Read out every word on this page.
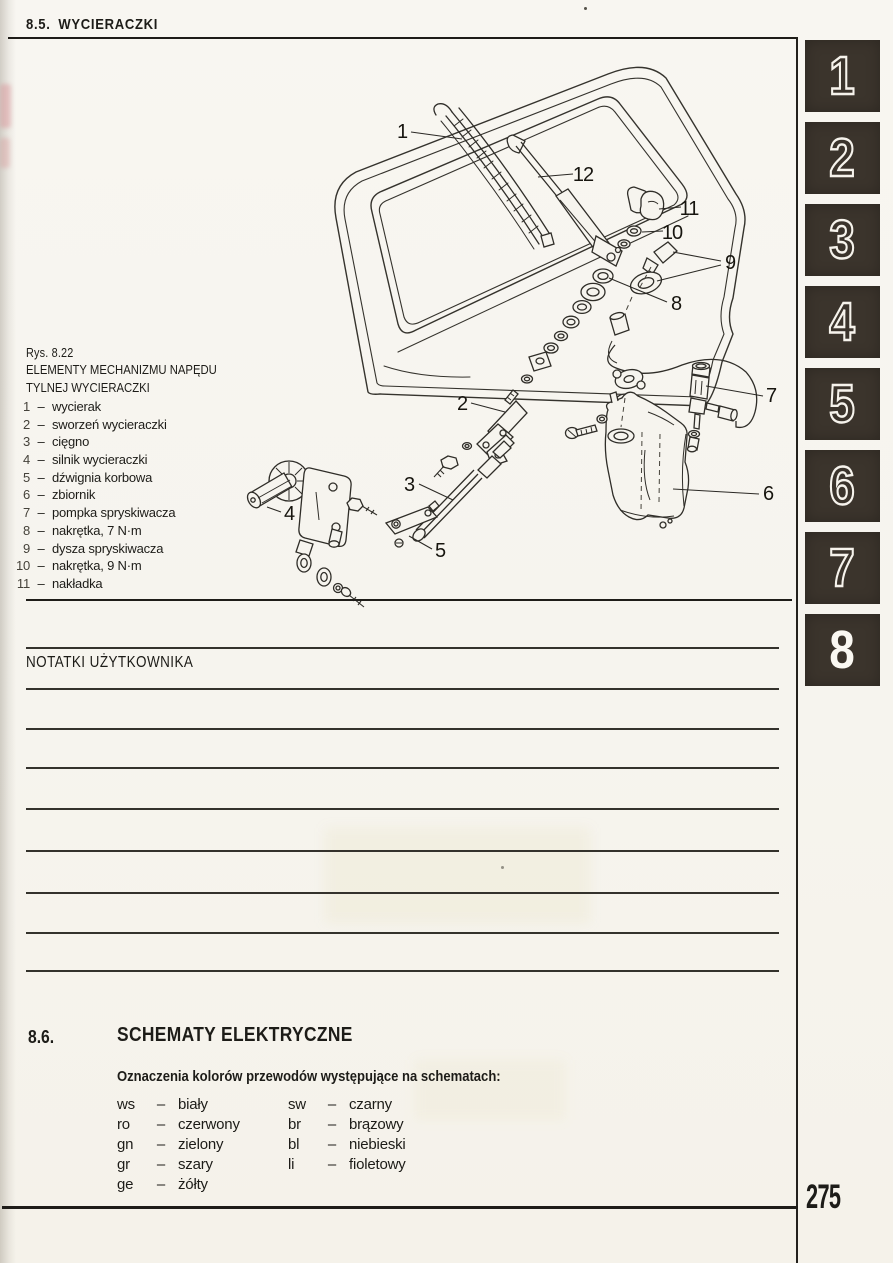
8.5. WYCIERACZKI
1
2
3
4
5
6
7
8
Rys. 8.22
ELEMENTY MECHANIZMU NAPĘDU
TYLNEJ WYCIERACZKI
1 – wycierak
2 – sworzeń wycieraczki
3 – cięgno
4 – silnik wycieraczki
5 – dźwignia korbowa
6 – zbiornik
7 – pompka spryskiwacza
8 – nakrętka, 7 N·m
9 – dysza spryskiwacza
10 – nakrętka, 9 N·m
11 – nakładka
1
2
3
4
5
6
7
8
9
10
11
12
NOTATKI UŻYTKOWNIKA
8.6.	SCHEMATY ELEKTRYCZNE
Oznaczenia kolorów przewodów występujące na schematach:
ws	– biały
ro	– czerwony
gn	– zielony
gr	– szary
ge	– żółty
sw	– czarny
br	– brązowy
bl	– niebieski
li	– fioletowy
275
